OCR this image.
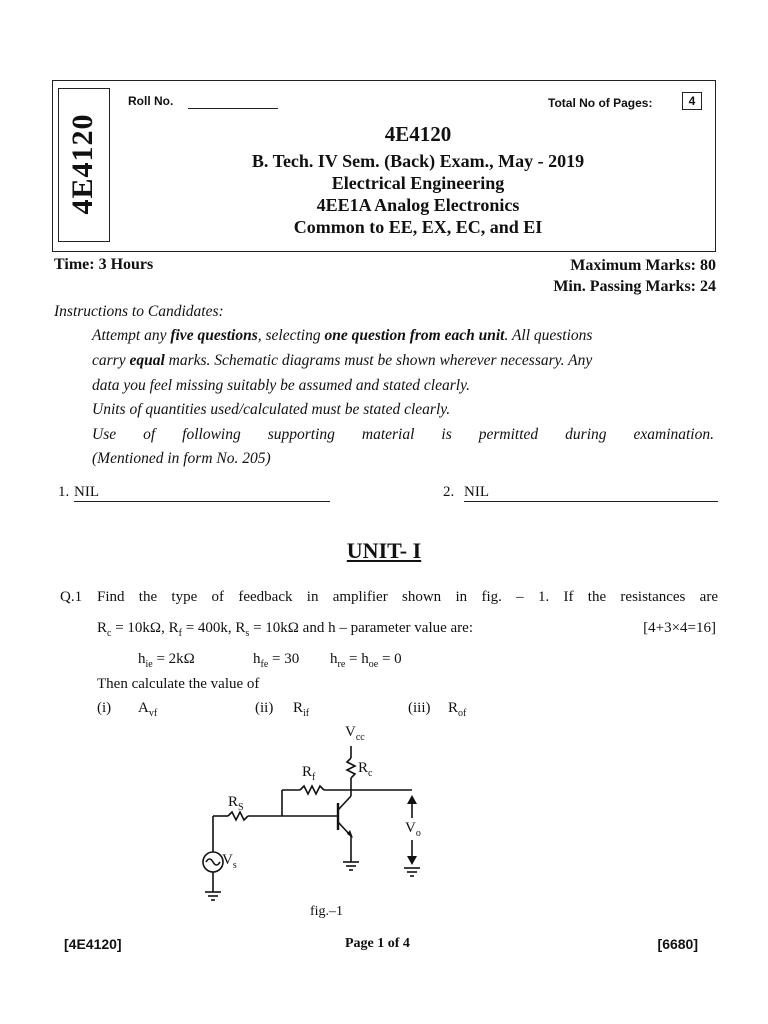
4E4120
Roll No.	Total No of Pages:	4
4E4120
B. Tech. IV Sem. (Back) Exam., May - 2019
Electrical Engineering
4EE1A Analog Electronics
Common to EE, EX, EC, and EI
Time: 3 Hours	Maximum Marks: 80
Min. Passing Marks: 24
Instructions to Candidates:
Attempt any five questions, selecting one question from each unit. All questions
carry equal marks. Schematic diagrams must be shown wherever necessary. Any
data you feel missing suitably be assumed and stated clearly.
Units of quantities used/calculated must be stated clearly.
Use of following supporting material is permitted during examination.
(Mentioned in form No. 205)
1. NIL	2. NIL
UNIT- I
Q.1 Find the type of feedback in amplifier shown in fig. – 1. If the resistances are
$R_c = 10k\Omega$, $R_f = 400k$, $R_s = 10k\Omega$ and h – parameter value are:	[4+3×4=16]
$h_{ie} = 2k\Omega$	$h_{fe} = 30$ $h_{re} = h_{oe} = 0$
Then calculate the value of
(i) $A_{vf}$	(ii) $R_{if}$	(iii) $R_{of}$
$V_{cc}$
$R_f$
$R_c$
$R_S$
$V_o$
$V_s$
fig.–1
[4E4120]	Page 1 of 4	[6680]
